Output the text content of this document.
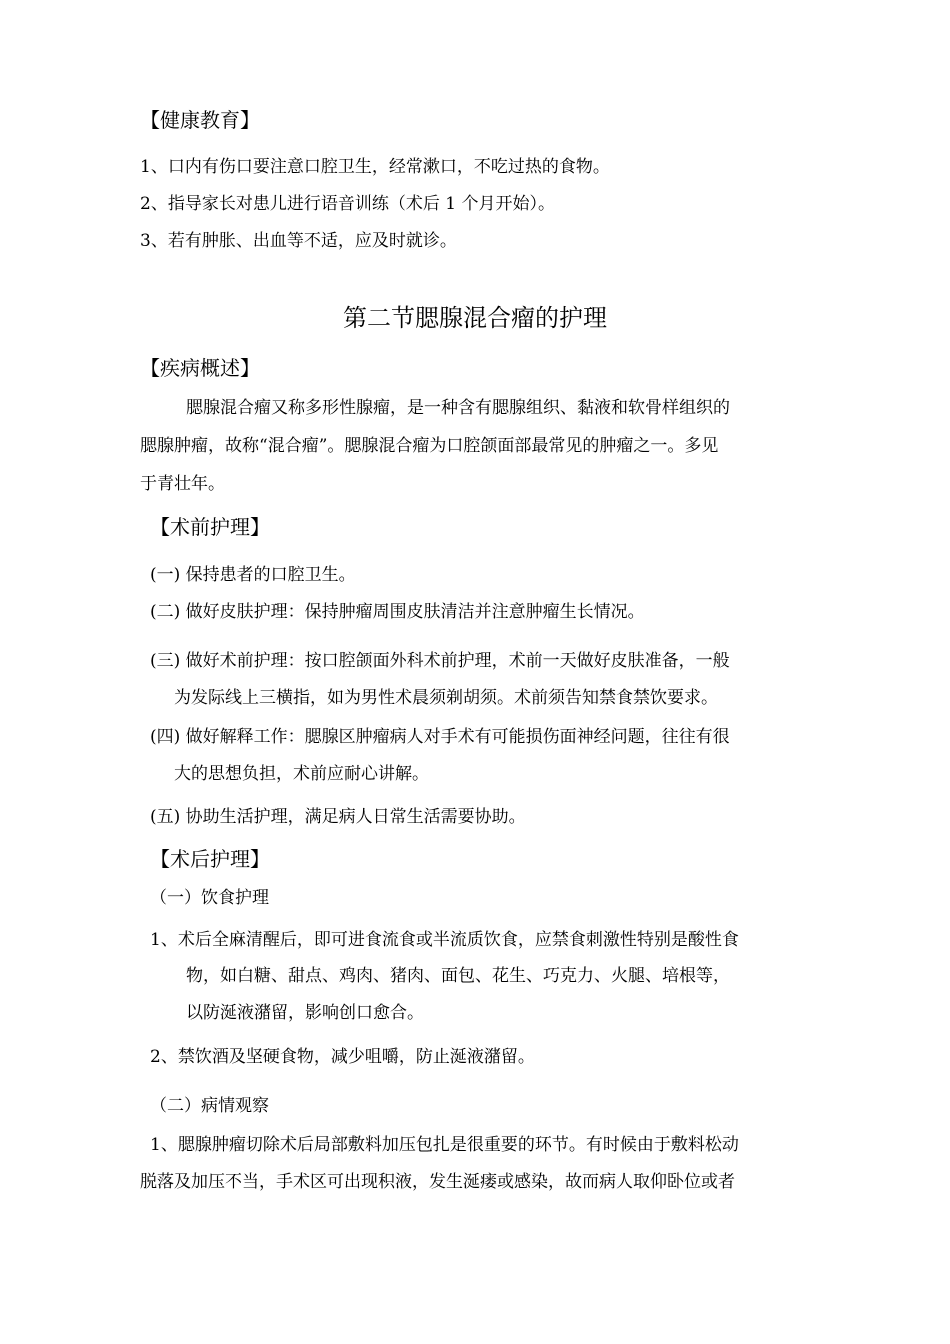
【健康教育】
1、口内有伤口要注意口腔卫生，经常漱口，不吃过热的食物。
2、指导家长对患儿进行语音训练（术后 1 个月开始）。
3、若有肿胀、出血等不适，应及时就诊。
第二节腮腺混合瘤的护理
【疾病概述】
腮腺混合瘤又称多形性腺瘤，是一种含有腮腺组织、黏液和软骨样组织的
腮腺肿瘤，故称“混合瘤”。腮腺混合瘤为口腔颌面部最常见的肿瘤之一。多见
于青壮年。
【术前护理】
(一) 保持患者的口腔卫生。
(二) 做好皮肤护理：保持肿瘤周围皮肤清洁并注意肿瘤生长情况。
(三) 做好术前护理：按口腔颌面外科术前护理，术前一天做好皮肤准备，一般
为发际线上三横指，如为男性术晨须剃胡须。术前须告知禁食禁饮要求。
(四) 做好解释工作：腮腺区肿瘤病人对手术有可能损伤面神经问题，往往有很
大的思想负担，术前应耐心讲解。
(五) 协助生活护理，满足病人日常生活需要协助。
【术后护理】
（一）饮食护理
1、术后全麻清醒后，即可进食流食或半流质饮食，应禁食刺激性特别是酸性食
物，如白糖、甜点、鸡肉、猪肉、面包、花生、巧克力、火腿、培根等，
以防涎液潴留，影响创口愈合。
2、禁饮酒及坚硬食物，减少咀嚼，防止涎液潴留。
（二）病情观察
1、腮腺肿瘤切除术后局部敷料加压包扎是很重要的环节。有时候由于敷料松动
脱落及加压不当，手术区可出现积液，发生涎瘘或感染，故而病人取仰卧位或者
